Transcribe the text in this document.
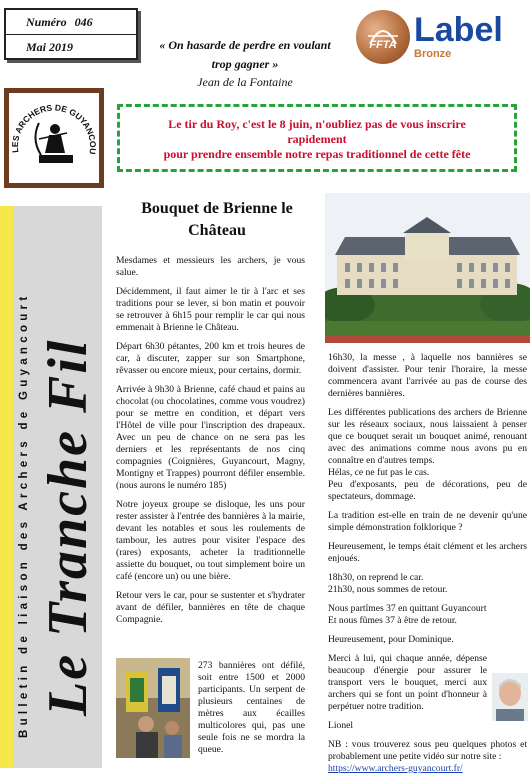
Numéro 046
Mai 2019	« On hasarde de perdre en voulant trop gagner »
Jean de la Fontaine
FFTA Label
Bronze
LES ARCHERS DE GUYANCOU
Le tir du Roy, c'est le 8 juin, n'oubliez pas de vous inscrire rapidement
pour prendre ensemble notre repas traditionnel de cette fête
Bulletin de liaison des Archers de Guyancourt Le Tranche Fil
Bouquet de Brienne le Château

Mesdames et messieurs les archers, je vous salue.

Décidemment, il faut aimer le tir à l'arc et ses traditions pour se lever, si bon matin et pouvoir se retrouver à 6h15 pour remplir le car qui nous emmenait à Brienne le Château.

Départ 6h30 pétantes, 200 km et trois heures de car, à discuter, zapper sur son Smartphone, rêvasser ou encore mieux, pour certains, dormir.

Arrivée à 9h30 à Brienne, café chaud et pains au chocolat (ou chocolatines, comme vous voudrez) pour se mettre en condition, et départ vers l'Hôtel de ville pour l'inscription des drapeaux. Avec un peu de chance on ne sera pas les derniers et les représentants de nos cinq compagnies (Coignières, Guyancourt, Magny, Montigny et Trappes) pourront défiler ensemble. (nous aurons le numéro 185)

Notre joyeux groupe se disloque, les uns pour rester assister à l'entrée des bannières à la mairie, devant les notables et sous les roulements de tambour, les autres pour visiter l'espace des (rares) exposants, acheter la traditionnelle assiette du bouquet, ou tout simplement boire un café (encore un) ou une bière.

Retour vers le car, pour se sustenter et s'hydrater avant de défiler, bannières en tête de chaque Compagnie.

273 bannières ont défilé, soit entre 1500 et 2000 participants. Un serpent de plusieurs centaines de mètres aux écailles multicolores qui, pas une seule fois ne se mordra la queue.

16h30, la messe , à laquelle nos bannières se doivent d'assister. Pour tenir l'horaire, la messe commencera avant l'arrivée au pas de course des dernières bannières.

Les différentes publications des archers de Brienne sur les réseaux sociaux, nous laissaient à penser que ce bouquet serait un bouquet animé, renouant avec des animations comme nous avons pu en connaître en d'autres temps.

Hélas, ce ne fut pas le cas.

Peu d'exposants, peu de décorations, peu de spectateurs, dommage.

La tradition est-elle en train de ne devenir qu'une simple démonstration folklorique ?

Heureusement, le temps était clément et les archers enjoués.

18h30, on reprend le car.

21h30, nous sommes de retour.

Nous partîmes 37 en quittant Guyancourt

Et nous fûmes 37 à être de retour.

Heureusement, pour Dominique.

Merci à lui, qui chaque année, dépense beaucoup d'énergie pour assurer le transport vers le bouquet, merci aux archers qui se font un point d'honneur à perpétuer notre tradition.

Lionel

NB : vous trouverez sous peu quelques photos et probablement une petite vidéo sur notre site :

https://www.archers-guyancourt.fr/
